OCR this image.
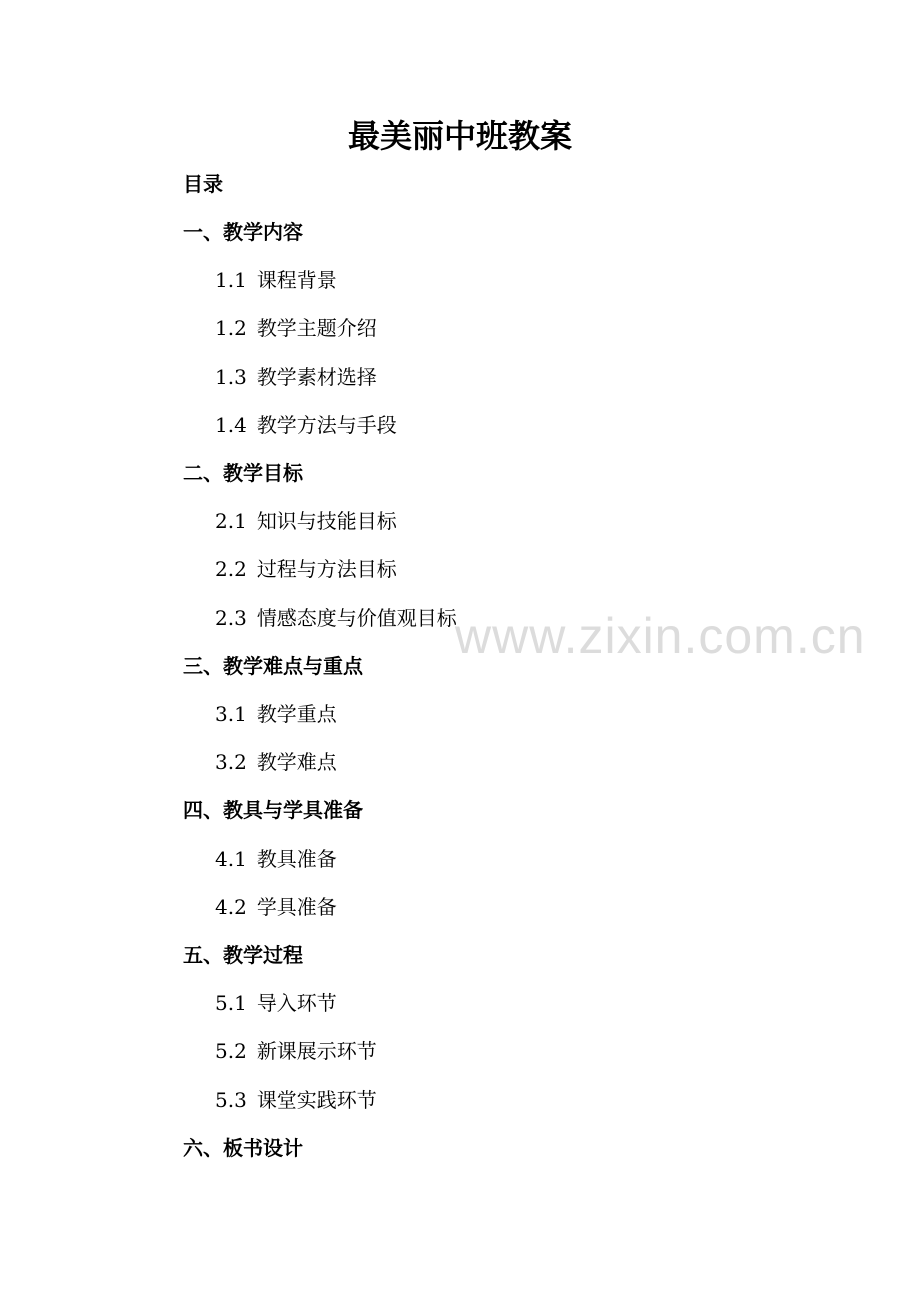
最美丽中班教案
目录
一、教学内容
1.1 课程背景
1.2 教学主题介绍
1.3 教学素材选择
1.4 教学方法与手段
二、教学目标
2.1 知识与技能目标
2.2 过程与方法目标
2.3 情感态度与价值观目标
三、教学难点与重点
3.1 教学重点
3.2 教学难点
四、教具与学具准备
4.1 教具准备
4.2 学具准备
五、教学过程
5.1 导入环节
5.2 新课展示环节
5.3 课堂实践环节
六、板书设计
www.zixin.com.cn
